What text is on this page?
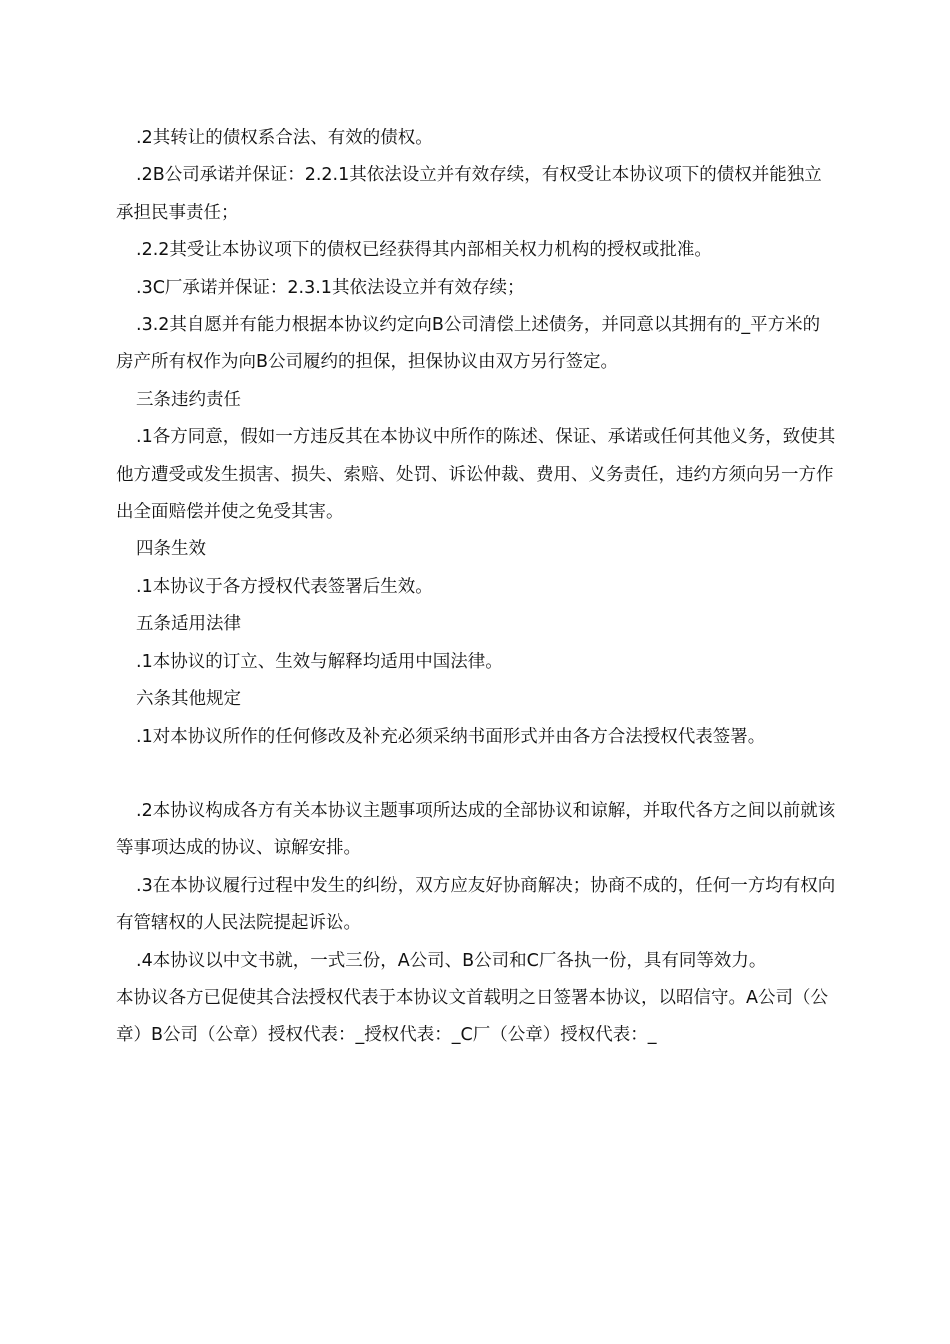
.2其转让的债权系合法、有效的债权。

.2B公司承诺并保证：2.2.1其依法设立并有效存续，有权受让本协议项下的债权并能独立承担民事责任；

.2.2其受让本协议项下的债权已经获得其内部相关权力机构的授权或批准。

.3C厂承诺并保证：2.3.1其依法设立并有效存续；

.3.2其自愿并有能力根据本协议约定向B公司清偿上述债务，并同意以其拥有的_平方米的房产所有权作为向B公司履约的担保，担保协议由双方另行签定。

三条违约责任

.1各方同意，假如一方违反其在本协议中所作的陈述、保证、承诺或任何其他义务，致使其他方遭受或发生损害、损失、索赔、处罚、诉讼仲裁、费用、义务责任，违约方须向另一方作出全面赔偿并使之免受其害。

四条生效

.1本协议于各方授权代表签署后生效。

五条适用法律

.1本协议的订立、生效与解释均适用中国法律。

六条其他规定

.1对本协议所作的任何修改及补充必须采纳书面形式并由各方合法授权代表签署。

.2本协议构成各方有关本协议主题事项所达成的全部协议和谅解，并取代各方之间以前就该等事项达成的协议、谅解安排。

.3在本协议履行过程中发生的纠纷，双方应友好协商解决；协商不成的，任何一方均有权向有管辖权的人民法院提起诉讼。

.4本协议以中文书就，一式三份，A公司、B公司和C厂各执一份，具有同等效力。

本协议各方已促使其合法授权代表于本协议文首载明之日签署本协议，以昭信守。A公司（公章）B公司（公章）授权代表：_授权代表：_C厂（公章）授权代表：_
